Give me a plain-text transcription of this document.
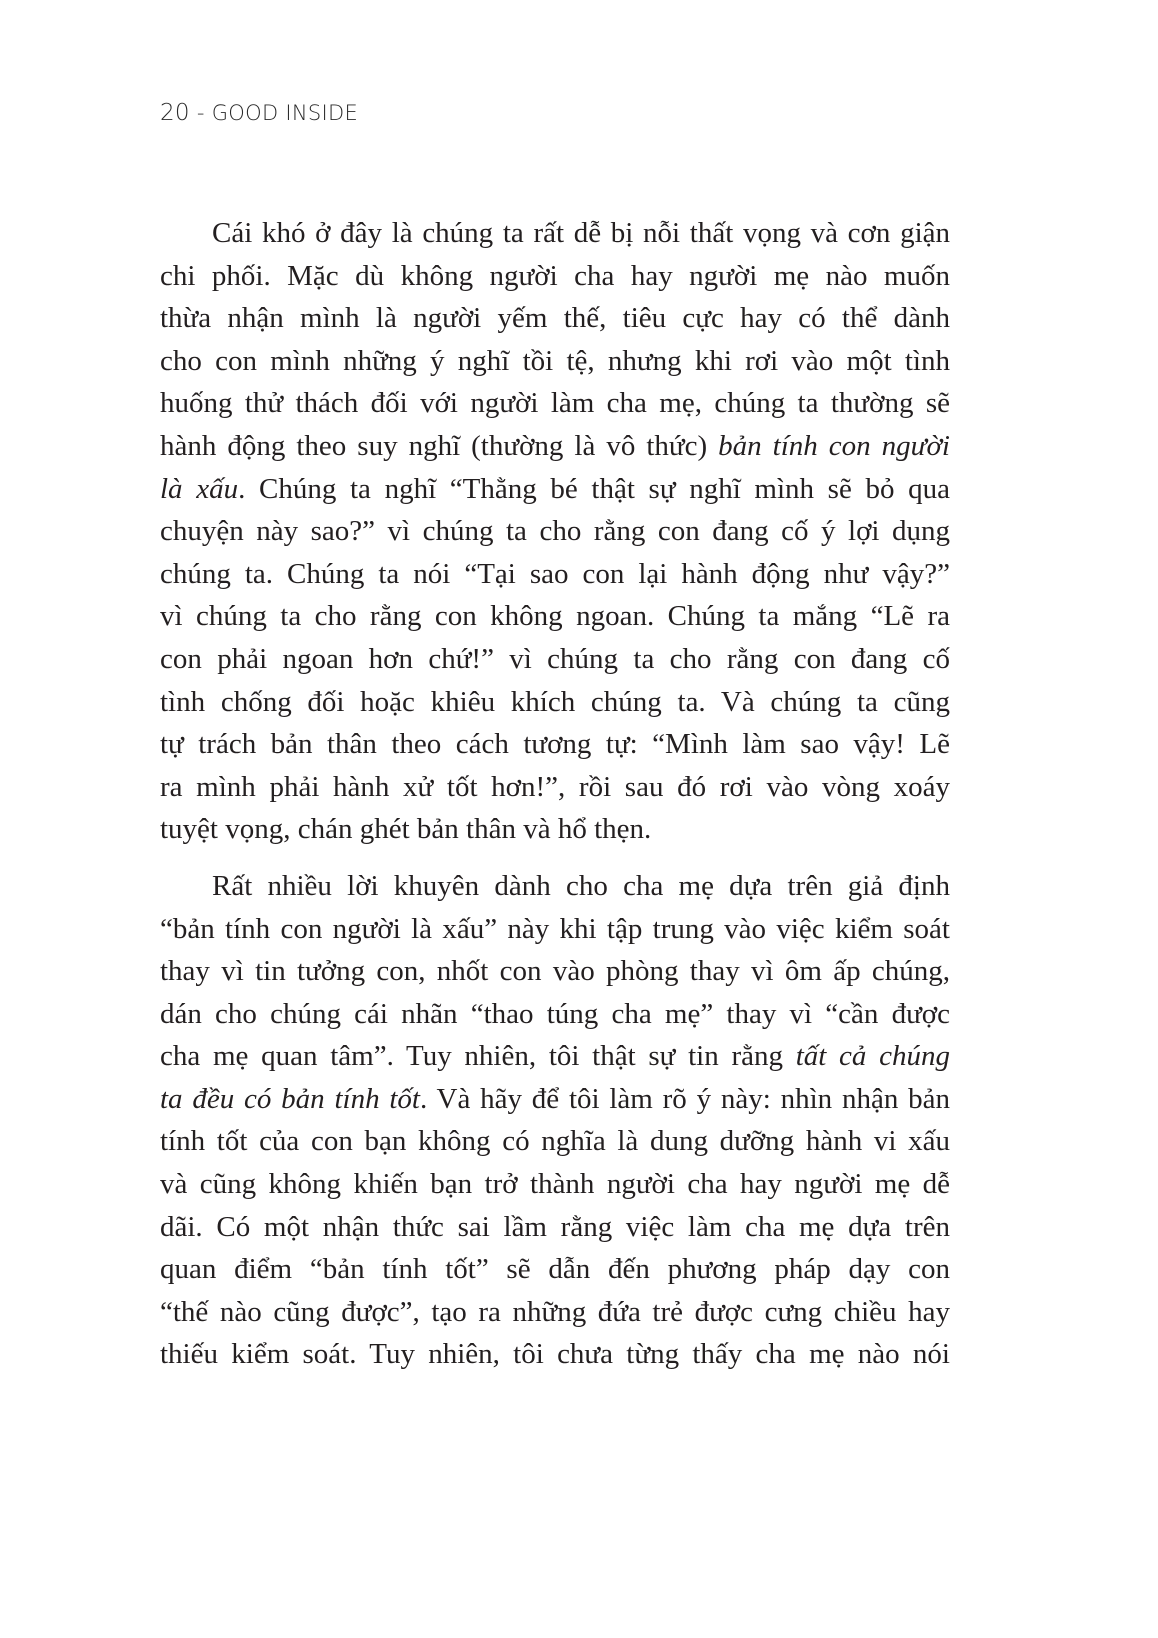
20 - GOOD INSIDE

Cái khó ở đây là chúng ta rất dễ bị nỗi thất vọng và cơn giận
chi phối. Mặc dù không người cha hay người mẹ nào muốn
thừa nhận mình là người yếm thế, tiêu cực hay có thể dành
cho con mình những ý nghĩ tồi tệ, nhưng khi rơi vào một tình
huống thử thách đối với người làm cha mẹ, chúng ta thường sẽ
hành động theo suy nghĩ (thường là vô thức) bản tính con người
là xấu. Chúng ta nghĩ “Thằng bé thật sự nghĩ mình sẽ bỏ qua
chuyện này sao?” vì chúng ta cho rằng con đang cố ý lợi dụng
chúng ta. Chúng ta nói “Tại sao con lại hành động như vậy?”
vì chúng ta cho rằng con không ngoan. Chúng ta mắng “Lẽ ra
con phải ngoan hơn chứ!” vì chúng ta cho rằng con đang cố
tình chống đối hoặc khiêu khích chúng ta. Và chúng ta cũng
tự trách bản thân theo cách tương tự: “Mình làm sao vậy! Lẽ
ra mình phải hành xử tốt hơn!”, rồi sau đó rơi vào vòng xoáy
tuyệt vọng, chán ghét bản thân và hổ thẹn.

Rất nhiều lời khuyên dành cho cha mẹ dựa trên giả định
“bản tính con người là xấu” này khi tập trung vào việc kiểm soát
thay vì tin tưởng con, nhốt con vào phòng thay vì ôm ấp chúng,
dán cho chúng cái nhãn “thao túng cha mẹ” thay vì “cần được
cha mẹ quan tâm”. Tuy nhiên, tôi thật sự tin rằng tất cả chúng
ta đều có bản tính tốt. Và hãy để tôi làm rõ ý này: nhìn nhận bản
tính tốt của con bạn không có nghĩa là dung dưỡng hành vi xấu
và cũng không khiến bạn trở thành người cha hay người mẹ dễ
dãi. Có một nhận thức sai lầm rằng việc làm cha mẹ dựa trên
quan điểm “bản tính tốt” sẽ dẫn đến phương pháp dạy con
“thế nào cũng được”, tạo ra những đứa trẻ được cưng chiều hay
thiếu kiểm soát. Tuy nhiên, tôi chưa từng thấy cha mẹ nào nói
